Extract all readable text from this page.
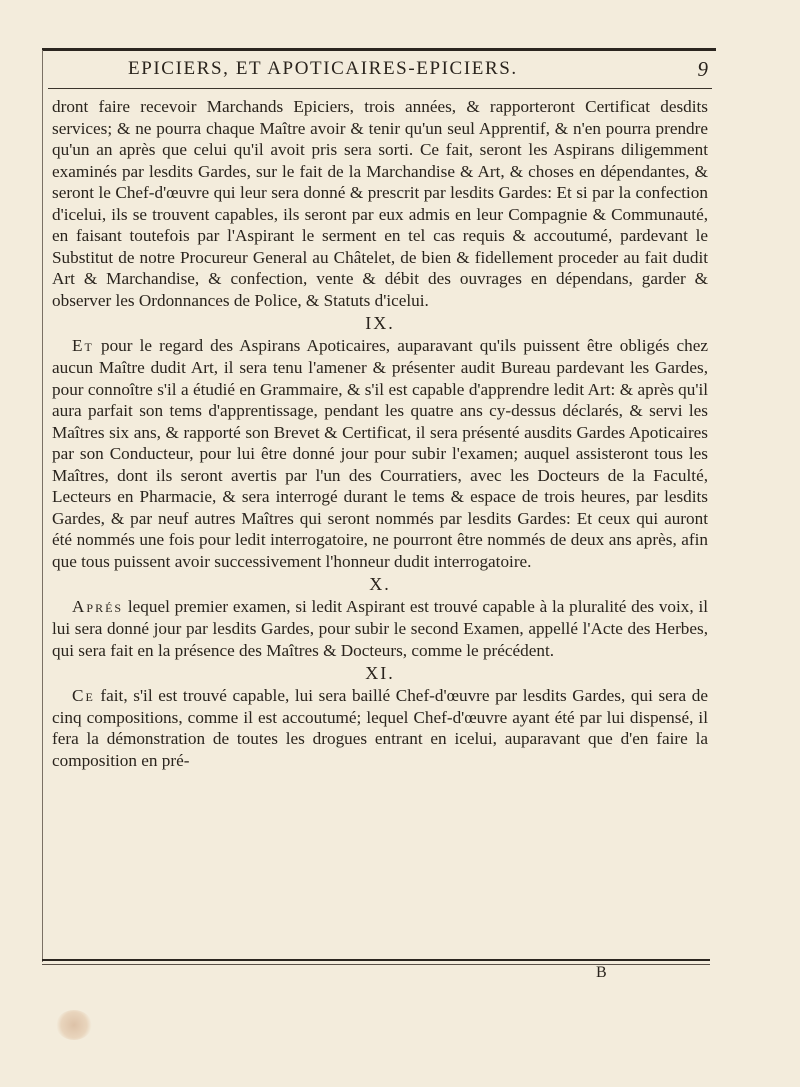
EPICIERS, ET APOTICAIRES-EPICIERS.	9

dront faire recevoir Marchands Epiciers, trois années, & rapporteront Certificat desdits services; & ne pourra chaque Maître avoir & tenir qu'un seul Apprentif, & n'en pourra prendre qu'un an après que celui qu'il avoit pris sera sorti. Ce fait, seront les Aspirans diligemment examinés par lesdits Gardes, sur le fait de la Marchandise & Art, & choses en dépendantes, & seront le Chef-d'œuvre qui leur sera donné & prescrit par lesdits Gardes: Et si par la confection d'icelui, ils se trouvent capables, ils seront par eux admis en leur Compagnie & Communauté, en faisant toutefois par l'Aspirant le serment en tel cas requis & accoutumé, pardevant le Substitut de notre Procureur General au Châtelet, de bien & fidellement proceder au fait dudit Art & Marchandise, & confection, vente & débit des ouvrages en dépendans, garder & observer les Ordonnances de Police, & Statuts d'icelui.

IX.

Et pour le regard des Aspirans Apoticaires, auparavant qu'ils puissent être obligés chez aucun Maître dudit Art, il sera tenu l'amener & présenter audit Bureau pardevant les Gardes, pour connoître s'il a étudié en Grammaire, & s'il est capable d'apprendre ledit Art: & après qu'il aura parfait son tems d'apprentissage, pendant les quatre ans cy-dessus déclarés, & servi les Maîtres six ans, & rapporté son Brevet & Certificat, il sera présenté ausdits Gardes Apoticaires par son Conducteur, pour lui être donné jour pour subir l'examen; auquel assisteront tous les Maîtres, dont ils seront avertis par l'un des Courratiers, avec les Docteurs de la Faculté, Lecteurs en Pharmacie, & sera interrogé durant le tems & espace de trois heures, par lesdits Gardes, & par neuf autres Maîtres qui seront nommés par lesdits Gardes: Et ceux qui auront été nommés une fois pour ledit interrogatoire, ne pourront être nommés de deux ans après, afin que tous puissent avoir successivement l'honneur dudit interrogatoire.

X.

Aprés lequel premier examen, si ledit Aspirant est trouvé capable à la pluralité des voix, il lui sera donné jour par lesdits Gardes, pour subir le second Examen, appellé l'Acte des Herbes, qui sera fait en la présence des Maîtres & Docteurs, comme le précédent.

XI.

Ce fait, s'il est trouvé capable, lui sera baillé Chef-d'œuvre par lesdits Gardes, qui sera de cinq compositions, comme il est accoutumé; lequel Chef-d'œuvre ayant été par lui dispensé, il fera la démonstration de toutes les drogues entrant en icelui, auparavant que d'en faire la composition en pré-

B
